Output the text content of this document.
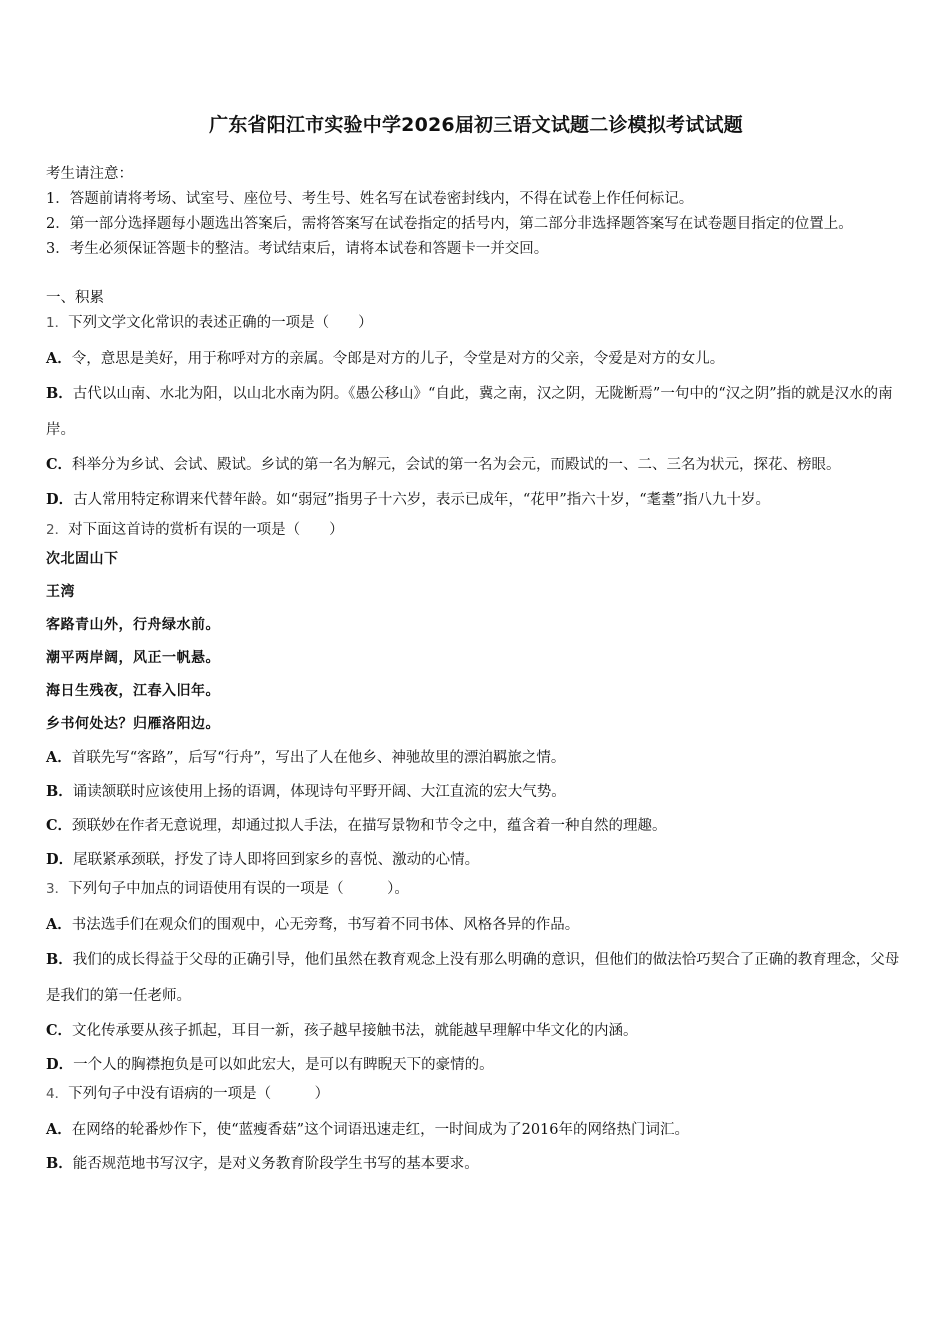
广东省阳江市实验中学2026届初三语文试题二诊模拟考试试题

考生请注意：

1．答题前请将考场、试室号、座位号、考生号、姓名写在试卷密封线内，不得在试卷上作任何标记。

2．第一部分选择题每小题选出答案后，需将答案写在试卷指定的括号内，第二部分非选择题答案写在试卷题目指定的位置上。

3．考生必须保证答题卡的整洁。考试结束后，请将本试卷和答题卡一并交回。

一、积累

1．下列文学文化常识的表述正确的一项是（　　）

A．令，意思是美好，用于称呼对方的亲属。令郎是对方的儿子，令堂是对方的父亲，令爱是对方的女儿。

B．古代以山南、水北为阳，以山北水南为阴。《愚公移山》“自此，冀之南，汉之阴，无陇断焉”一句中的“汉之阴”指的就是汉水的南岸。

C．科举分为乡试、会试、殿试。乡试的第一名为解元，会试的第一名为会元，而殿试的一、二、三名为状元，探花、榜眼。

D．古人常用特定称谓来代替年龄。如“弱冠”指男子十六岁，表示已成年，“花甲”指六十岁，“耄耋”指八九十岁。

2．对下面这首诗的赏析有误的一项是（　　）

次北固山下

王湾

客路青山外，行舟绿水前。

潮平两岸阔，风正一帆悬。

海日生残夜，江春入旧年。

乡书何处达？归雁洛阳边。

A．首联先写“客路”，后写“行舟”，写出了人在他乡、神驰故里的漂泊羁旅之情。

B．诵读颔联时应该使用上扬的语调，体现诗句平野开阔、大江直流的宏大气势。

C．颈联妙在作者无意说理，却通过拟人手法，在描写景物和节令之中，蕴含着一种自然的理趣。

D．尾联紧承颈联，抒发了诗人即将回到家乡的喜悦、激动的心情。

3．下列句子中加点的词语使用有误的一项是（　　　）。

A．书法选手们在观众们的围观中，心无旁骛，书写着不同书体、风格各异的作品。

B．我们的成长得益于父母的正确引导，他们虽然在教育观念上没有那么明确的意识，但他们的做法恰巧契合了正确的教育理念，父母是我们的第一任老师。

C．文化传承要从孩子抓起，耳目一新，孩子越早接触书法，就能越早理解中华文化的内涵。

D．一个人的胸襟抱负是可以如此宏大，是可以有睥睨天下的豪情的。

4．下列句子中没有语病的一项是（　　　）

A．在网络的轮番炒作下，使“蓝瘦香菇”这个词语迅速走红，一时间成为了2016年的网络热门词汇。

B．能否规范地书写汉字，是对义务教育阶段学生书写的基本要求。
